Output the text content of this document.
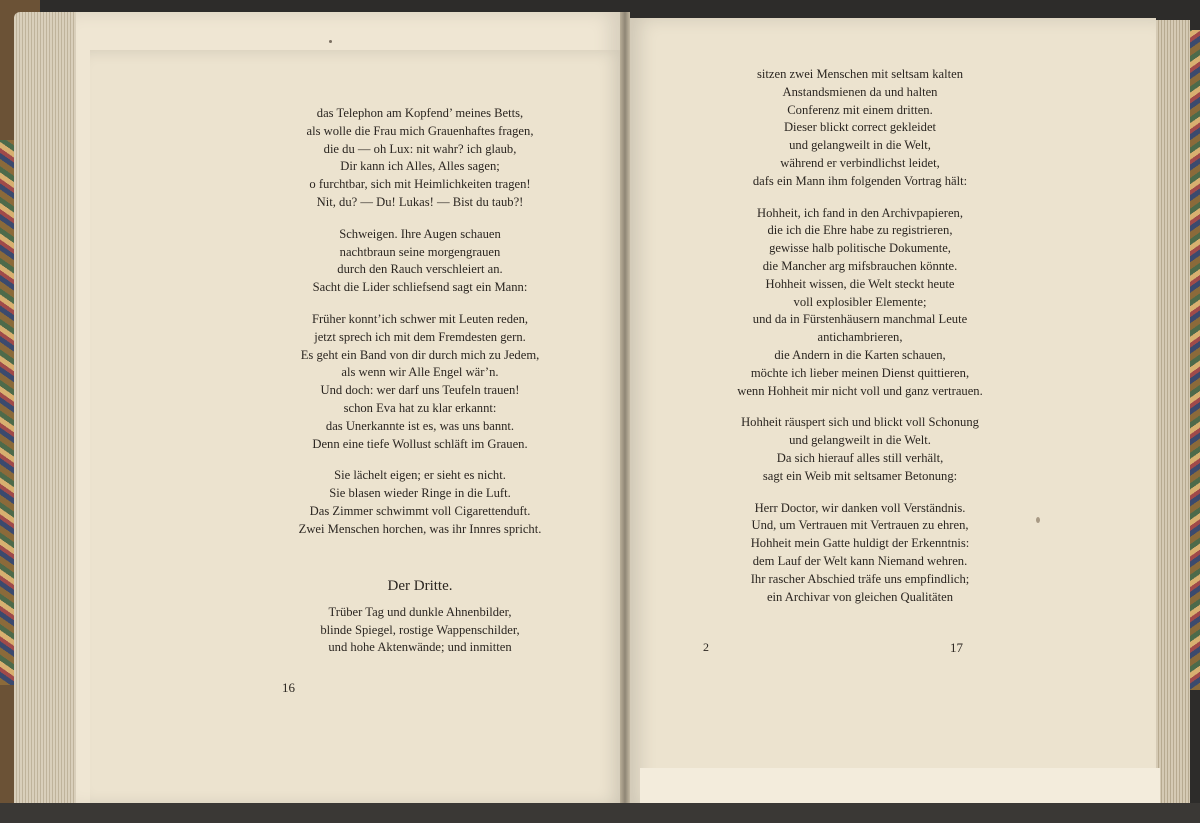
das Telephon am Kopfend’ meines Betts,
als wolle die Frau mich Grauenhaftes fragen,
die du — oh Lux: nit wahr? ich glaub,
Dir kann ich Alles, Alles sagen;
o furchtbar, sich mit Heimlichkeiten tragen!
Nit, du? — Du! Lukas! — Bist du taub?!
Schweigen. Ihre Augen schauen
nachtbraun seine morgengrauen
durch den Rauch verschleiert an.
Sacht die Lider schliefsend sagt ein Mann:
Früher konnt’ich schwer mit Leuten reden,
jetzt sprech ich mit dem Fremdesten gern.
Es geht ein Band von dir durch mich zu Jedem,
als wenn wir Alle Engel wär’n.
Und doch: wer darf uns Teufeln trauen!
schon Eva hat zu klar erkannt:
das Unerkannte ist es, was uns bannt.
Denn eine tiefe Wollust schläft im Grauen.
Sie lächelt eigen; er sieht es nicht.
Sie blasen wieder Ringe in die Luft.
Das Zimmer schwimmt voll Cigarettenduft.
Zwei Menschen horchen, was ihr Innres spricht.
Der Dritte.
Trüber Tag und dunkle Ahnenbilder,
blinde Spiegel, rostige Wappenschilder,
und hohe Aktenwände; und inmitten
16
sitzen zwei Menschen mit seltsam kalten
Anstandsmienen da und halten
Conferenz mit einem dritten.
Dieser blickt correct gekleidet
und gelangweilt in die Welt,
während er verbindlichst leidet,
dafs ein Mann ihm folgenden Vortrag hält:
Hohheit, ich fand in den Archivpapieren,
die ich die Ehre habe zu registrieren,
gewisse halb politische Dokumente,
die Mancher arg mifsbrauchen könnte.
Hohheit wissen, die Welt steckt heute
voll explosibler Elemente;
und da in Fürstenhäusern manchmal Leute
antichambrieren,
die Andern in die Karten schauen,
möchte ich lieber meinen Dienst quittieren,
wenn Hohheit mir nicht voll und ganz vertrauen.
Hohheit räuspert sich und blickt voll Schonung
und gelangweilt in die Welt.
Da sich hierauf alles still verhält,
sagt ein Weib mit seltsamer Betonung:
Herr Doctor, wir danken voll Verständnis.
Und, um Vertrauen mit Vertrauen zu ehren,
Hohheit mein Gatte huldigt der Erkenntnis:
dem Lauf der Welt kann Niemand wehren.
Ihr rascher Abschied träfe uns empfindlich;
ein Archivar von gleichen Qualitäten
2	17
